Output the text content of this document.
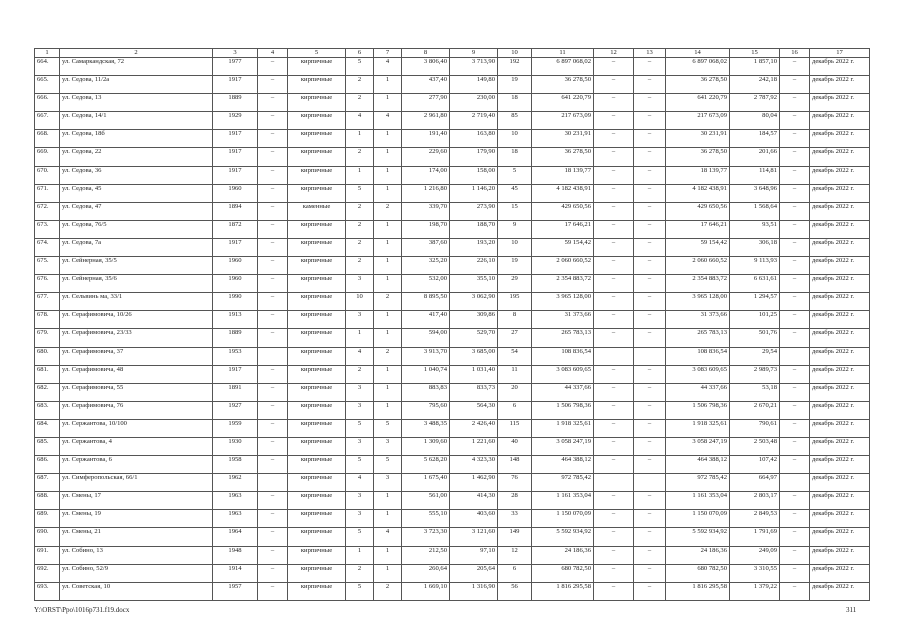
1	2	3	4	5	6	7	8	9	10	11	12	13	14	15	16	17
664.	ул. Самаркандская, 72	1977	–	кирпичные	5	4	3 806,40	3 713,90	192	6 897 068,02	–	–	6 897 068,02	1 857,10	–	декабрь 2022 г.
665.	ул. Седова, 11/2а	1917	–	кирпичные	2	1	437,40	149,80	19	36 278,50	–	–	36 278,50	242,18	–	декабрь 2022 г.
666.	ул. Седова, 13	1889	–	кирпичные	2	1	277,90	230,00	18	641 220,79	–	–	641 220,79	2 787,92	–	декабрь 2022 г.
667.	ул. Седова, 14/1	1929	–	кирпичные	4	4	2 961,80	2 719,40	85	217 673,09	–	–	217 673,09	80,04	–	декабрь 2022 г.
668.	ул. Седова, 18б	1917	–	кирпичные	1	1	191,40	163,80	10	30 231,91	–	–	30 231,91	184,57	–	декабрь 2022 г.
669.	ул. Седова, 22	1917	–	кирпичные	2	1	229,60	179,90	18	36 278,50	–	–	36 278,50	201,66	–	декабрь 2022 г.
670.	ул. Седова, 36	1917	–	кирпичные	1	1	174,00	158,00	5	18 139,77	–	–	18 139,77	114,81	–	декабрь 2022 г.
671.	ул. Седова, 45	1960	–	кирпичные	5	1	1 216,80	1 146,20	45	4 182 438,91	–	–	4 182 438,91	3 648,96	–	декабрь 2022 г.
672.	ул. Седова, 47	1894	–	каменные	2	2	339,70	273,90	15	429 650,56	–	–	429 650,56	1 568,64	–	декабрь 2022 г.
673.	ул. Седова, 76/5	1872	–	кирпичные	2	1	198,70	188,70	9	17 646,21	–	–	17 646,21	93,51	–	декабрь 2022 г.
674.	ул. Седова, 7а	1917	–	кирпичные	2	1	387,60	193,20	10	59 154,42	–	–	59 154,42	306,18	–	декабрь 2022 г.
675.	ул. Сейнерная, 35/5	1960	–	кирпичные	2	1	325,20	226,10	19	2 060 660,52	–	–	2 060 660,52	9 113,93	–	декабрь 2022 г.
676.	ул. Сейнерная, 35/6	1960	–	кирпичные	3	1	532,00	355,10	29	2 354 883,72	–	–	2 354 883,72	6 631,61	–	декабрь 2022 г.
677.	ул. Сельвинь ма, 33/1	1990	–	кирпичные	10	2	8 895,50	3 062,90	195	3 965 128,00	–	–	3 965 128,00	1 294,57	–	декабрь 2022 г.
678.	ул. Серафимовича, 10/26	1913	–	кирпичные	3	1	417,40	309,86	8	31 373,66	–	–	31 373,66	101,25	–	декабрь 2022 г.
679.	ул. Серафимовича, 23/33	1889	–	кирпичные	1	1	594,00	529,70	27	265 783,13	–	–	265 783,13	501,76	–	декабрь 2022 г.
680.	ул. Серафимовича, 37	1953		кирпичные	4	2	3 913,70	3 685,00	54	108 836,54			108 836,54	29,54		декабрь 2022 г.
681.	ул. Серафимовича, 48	1917	–	кирпичные	2	1	1 040,74	1 031,40	11	3 083 609,65	–	–	3 083 609,65	2 989,73	–	декабрь 2022 г.
682.	ул. Серафимовича, 55	1891	–	кирпичные	3	1	883,83	833,73	20	44 337,66	–	–	44 337,66	53,18	–	декабрь 2022 г.
683.	ул. Серафимовича, 76	1927	–	кирпичные	3	1	795,60	564,30	6	1 506 798,36	–	–	1 506 798,36	2 670,21	–	декабрь 2022 г.
684.	ул. Сержантова, 10/100	1959	–	кирпичные	5	5	3 488,35	2 426,40	115	1 918 325,61	–	–	1 918 325,61	790,61	–	декабрь 2022 г.
685.	ул. Сержантова, 4	1930	–	кирпичные	3	3	1 309,60	1 221,60	40	3 058 247,19	–	–	3 058 247,19	2 503,48	–	декабрь 2022 г.
686.	ул. Сержантова, 6	1958	–	кирпичные	5	5	5 628,20	4 323,30	148	464 388,12	–	–	464 388,12	107,42	–	декабрь 2022 г.
687.	ул. Симферопольская, 66/1	1962		кирпичные	4	3	1 675,40	1 462,90	76	972 785,42			972 785,42	664,97		декабрь 2022 г.
688.	ул. Смены, 17	1963	–	кирпичные	3	1	561,00	414,30	28	1 161 353,04	–	–	1 161 353,04	2 803,17	–	декабрь 2022 г.
689.	ул. Смены, 19	1963	–	кирпичные	3	1	555,10	403,60	33	1 150 070,09	–	–	1 150 070,09	2 849,53	–	декабрь 2022 г.
690.	ул. Смены, 21	1964	–	кирпичные	5	4	3 723,30	3 121,60	149	5 592 934,92	–	–	5 592 934,92	1 791,69	–	декабрь 2022 г.
691.	ул. Собино, 13	1948	–	кирпичные	1	1	212,50	97,10	12	24 186,36	–	–	24 186,36	249,09	–	декабрь 2022 г.
692.	ул. Собино, 52/9	1914	–	кирпичные	2	1	260,64	205,64	6	680 782,50	–	–	680 782,50	3 310,55	–	декабрь 2022 г.
693.	ул. Советская, 10	1957	–	кирпичные	5	2	1 669,10	1 316,90	56	1 816 295,58	–	–	1 816 295,58	1 379,22	–	декабрь 2022 г.
Y:\ORST\Ppo\1016p731.f19.docx	311
